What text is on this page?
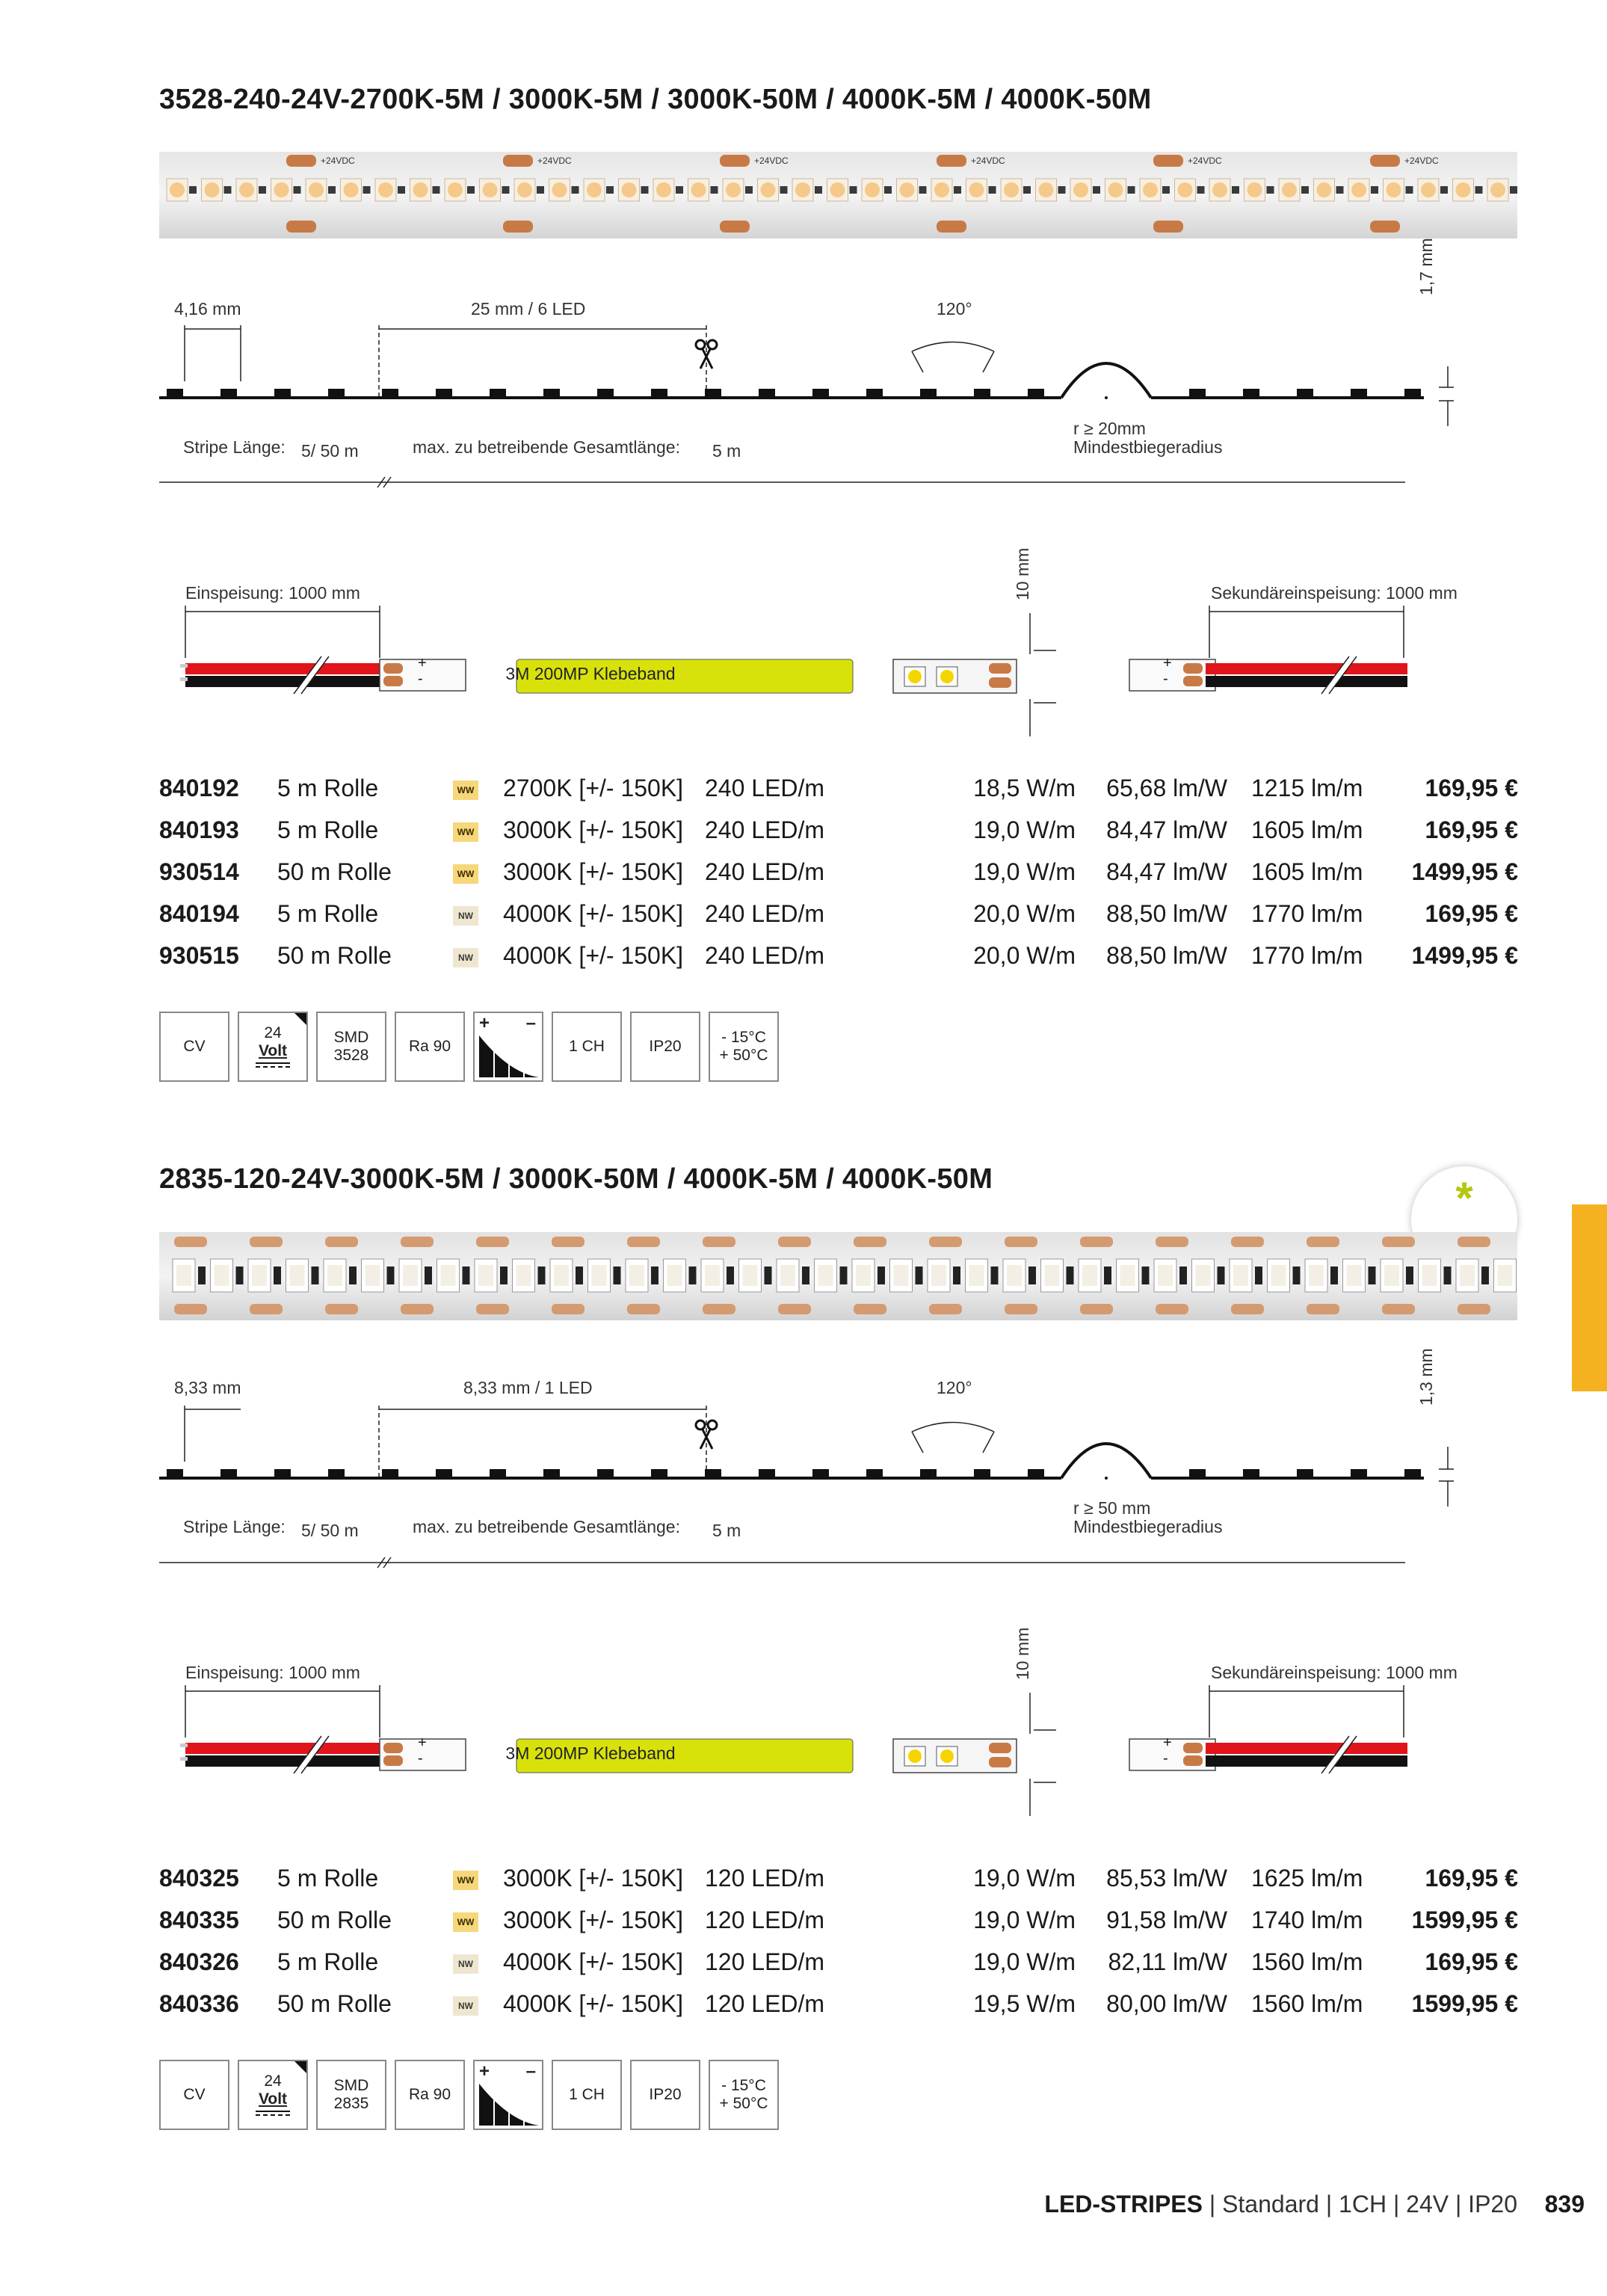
3528-240-24V-2700K-5M / 3000K-5M / 3000K-50M / 4000K-5M / 4000K-50M
+24VDC	+24VDC	+24VDC	+24VDC	+24VDC	+24VDC
4,16 mm	25 mm / 6 LED	120°
1,7 mm
r ≥ 20mm
Mindestbiegeradius
Stripe Länge: 5/ 50 m	max. zu betreibende Gesamtlänge: 5 m
Einspeisung: 1000 mm
3M 200MP Klebeband
10 mm	Sekundäreinspeisung: 1000 mm
+
-
+
-
840192 5 m Rolle	WW 2700K [+/- 150K] 240 LED/m	18,5 W/m 65,68 lm/W 1215 lm/m	169,95 €
840193 5 m Rolle	WW 3000K [+/- 150K] 240 LED/m	19,0 W/m 84,47 lm/W 1605 lm/m	169,95 €
930514 50 m Rolle	WW 3000K [+/- 150K] 240 LED/m	19,0 W/m 84,47 lm/W 1605 lm/m 1499,95 €
840194 5 m Rolle	NW 4000K [+/- 150K] 240 LED/m	20,0 W/m 88,50 lm/W 1770 lm/m	169,95 €
930515 50 m Rolle	NW 4000K [+/- 150K] 240 LED/m	20,0 W/m 88,50 lm/W 1770 lm/m 1499,95 €
CV
24
Volt
SMD
3528
Ra 90
+ –
1 CH	IP20
- 15°C
+ 50°C
2835-120-24V-3000K-5M / 3000K-50M / 4000K-5M / 4000K-50M	*
8,33 mm	8,33 mm / 1 LED	120°	1,3 mm
r ≥ 50 mm
Mindestbiegeradius
Stripe Länge: 5/ 50 m	max. zu betreibende Gesamtlänge: 5 m
Einspeisung: 1000 mm
3M 200MP Klebeband
10 mm	Sekundäreinspeisung: 1000 mm
+
-
+
-
840325 5 m Rolle	WW 3000K [+/- 150K] 120 LED/m	19,0 W/m 85,53 lm/W 1625 lm/m	169,95 €
840335 50 m Rolle	WW 3000K [+/- 150K] 120 LED/m	19,0 W/m 91,58 lm/W 1740 lm/m 1599,95 €
840326 5 m Rolle	NW 4000K [+/- 150K] 120 LED/m	19,0 W/m 82,11 lm/W 1560 lm/m	169,95 €
840336 50 m Rolle	NW 4000K [+/- 150K] 120 LED/m	19,5 W/m 80,00 lm/W 1560 lm/m 1599,95 €
CV
24
Volt
SMD
2835
Ra 90
+ –
1 CH	IP20
- 15°C
+ 50°C
LED-STRIPES | Standard | 1CH | 24V | IP20 839
